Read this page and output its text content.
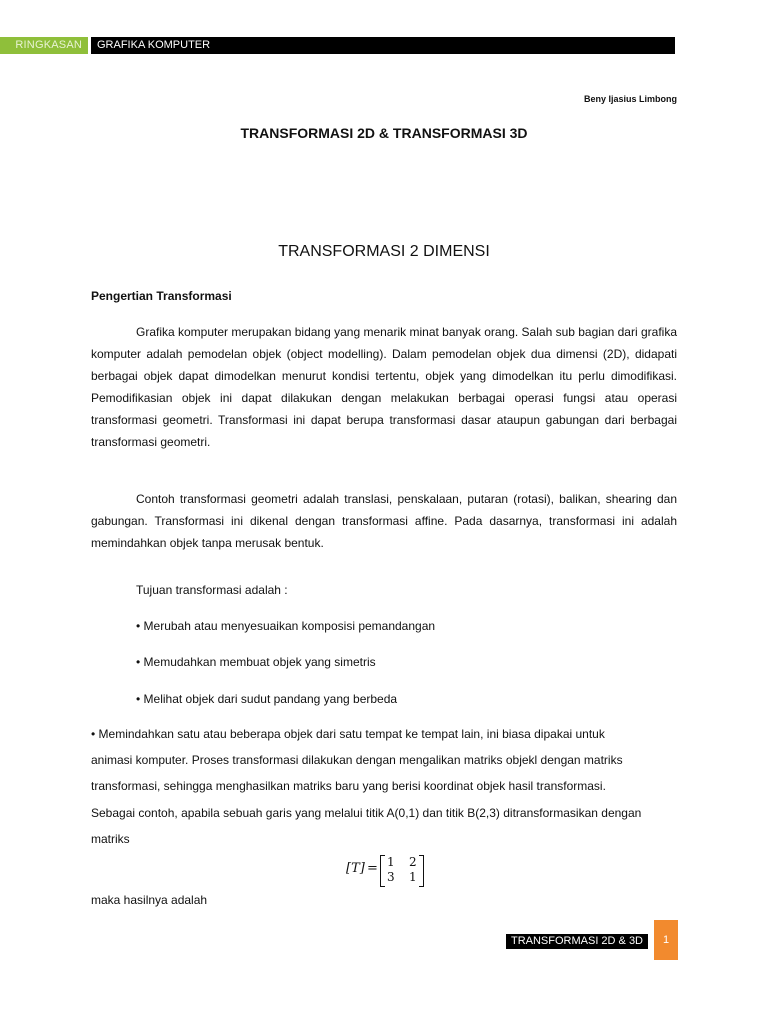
RINGKASAN	GRAFIKA KOMPUTER
Beny Ijasius Limbong
TRANSFORMASI 2D & TRANSFORMASI 3D
TRANSFORMASI 2 DIMENSI
Pengertian Transformasi

Grafika komputer merupakan bidang yang menarik minat banyak orang. Salah sub bagian dari grafika komputer adalah pemodelan objek (object modelling). Dalam pemodelan objek dua dimensi (2D), didapati berbagai objek dapat dimodelkan menurut kondisi tertentu, objek yang dimodelkan itu perlu dimodifikasi. Pemodifikasian objek ini dapat dilakukan dengan melakukan berbagai operasi fungsi atau operasi transformasi geometri. Transformasi ini dapat berupa transformasi dasar ataupun gabungan dari berbagai transformasi geometri.

Contoh transformasi geometri adalah translasi, penskalaan, putaran (rotasi), balikan, shearing dan gabungan. Transformasi ini dikenal dengan transformasi affine. Pada dasarnya, transformasi ini adalah memindahkan objek tanpa merusak bentuk.

Tujuan transformasi adalah :
• Merubah atau menyesuaikan komposisi pemandangan
• Memudahkan membuat objek yang simetris
• Melihat objek dari sudut pandang yang berbeda
• Memindahkan satu atau beberapa objek dari satu tempat ke tempat lain, ini biasa dipakai untuk
animasi komputer. Proses transformasi dilakukan dengan mengalikan matriks objekl dengan matriks
transformasi, sehingga menghasilkan matriks baru yang berisi koordinat objek hasil transformasi.
Sebagai contoh, apabila sebuah garis yang melalui titik A(0,1) dan titik B(2,3) ditransformasikan dengan
matriks
[T] = 1 2
3 1
maka hasilnya adalah
TRANSFORMASI 2D & 3D	1
